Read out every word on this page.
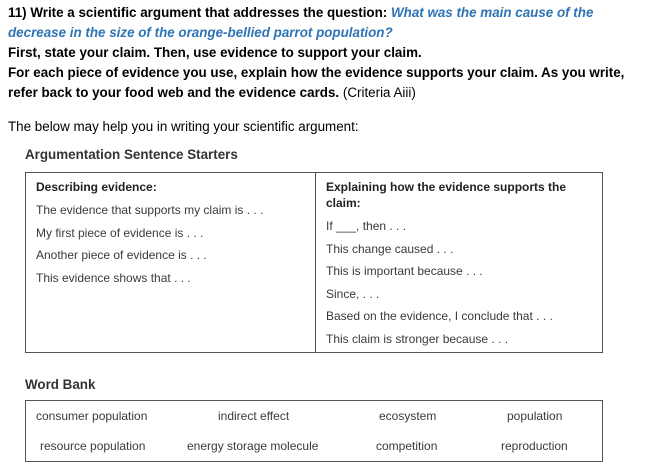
11) Write a scientific argument that addresses the question: What was the main cause of the decrease in the size of the orange-bellied parrot population?
First, state your claim. Then, use evidence to support your claim.
For each piece of evidence you use, explain how the evidence supports your claim. As you write, refer back to your food web and the evidence cards. (Criteria Aiii)
The below may help you in writing your scientific argument:
Argumentation Sentence Starters
Describing evidence:
The evidence that supports my claim is . . .
My first piece of evidence is . . .
Another piece of evidence is . . .
This evidence shows that . . .
Explaining how the evidence supports the claim:
If ___, then . . .
This change caused . . .
This is important because . . .
Since, . . .
Based on the evidence, I conclude that . . .
This claim is stronger because . . .
Word Bank
consumer population	indirect effect	ecosystem	population
resource population	energy storage molecule	competition	reproduction
